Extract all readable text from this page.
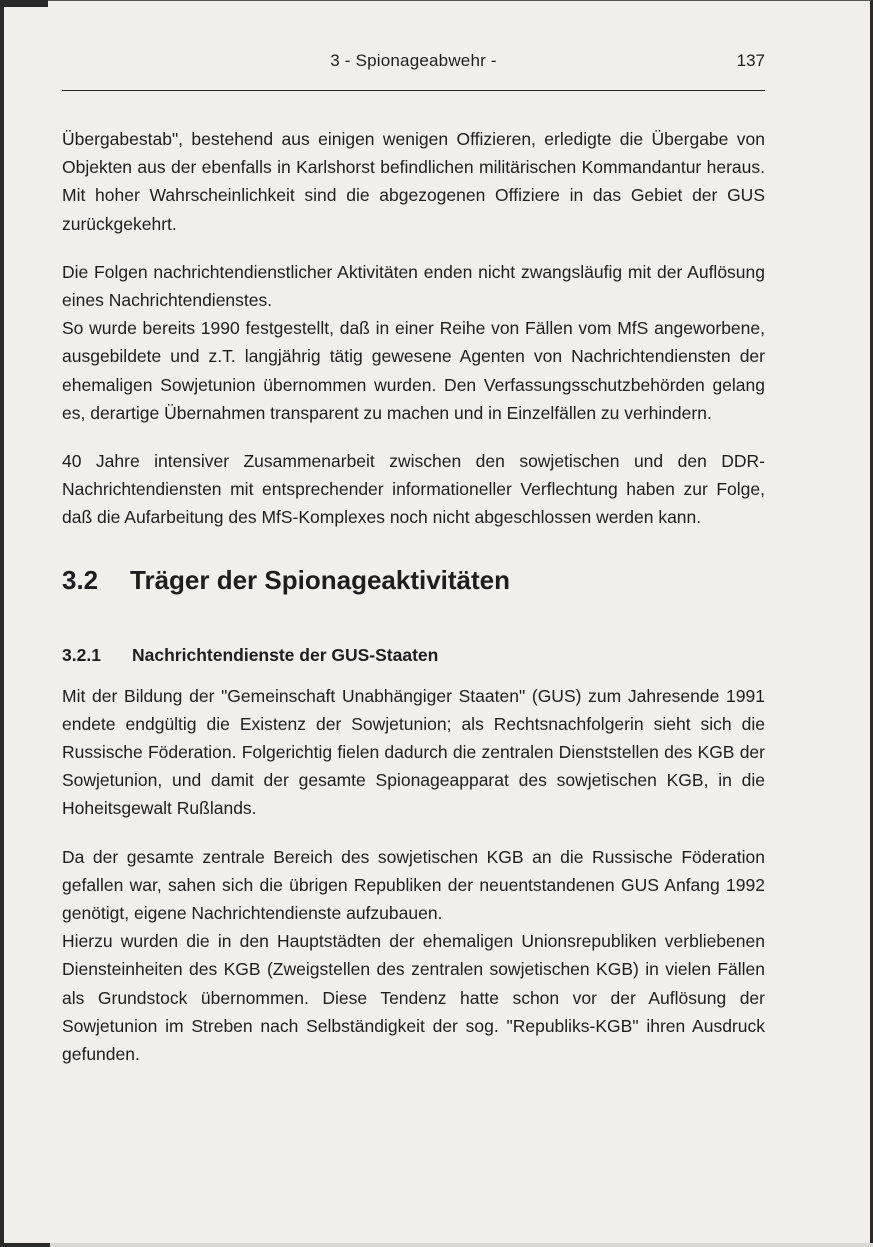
3 - Spionageabwehr -	137

Übergabestab", bestehend aus einigen wenigen Offizieren, erledigte die Übergabe von Objekten aus der ebenfalls in Karlshorst befindlichen militärischen Kommandantur heraus. Mit hoher Wahrscheinlichkeit sind die abgezogenen Offiziere in das Gebiet der GUS zurückgekehrt.

Die Folgen nachrichtendienstlicher Aktivitäten enden nicht zwangsläufig mit der Auflösung eines Nachrichtendienstes.

So wurde bereits 1990 festgestellt, daß in einer Reihe von Fällen vom MfS angeworbene, ausgebildete und z.T. langjährig tätig gewesene Agenten von Nachrichtendiensten der ehemaligen Sowjetunion übernommen wurden. Den Verfassungsschutzbehörden gelang es, derartige Übernahmen transparent zu machen und in Einzelfällen zu verhindern.

40 Jahre intensiver Zusammenarbeit zwischen den sowjetischen und den DDR-Nachrichtendiensten mit entsprechender informationeller Verflechtung haben zur Folge, daß die Aufarbeitung des MfS-Komplexes noch nicht abgeschlossen werden kann.

3.2 Träger der Spionageaktivitäten
3.2.1 Nachrichtendienste der GUS-Staaten

Mit der Bildung der "Gemeinschaft Unabhängiger Staaten" (GUS) zum Jahresende 1991 endete endgültig die Existenz der Sowjetunion; als Rechtsnachfolgerin sieht sich die Russische Föderation. Folgerichtig fielen dadurch die zentralen Dienststellen des KGB der Sowjetunion, und damit der gesamte Spionageapparat des sowjetischen KGB, in die Hoheitsgewalt Rußlands.

Da der gesamte zentrale Bereich des sowjetischen KGB an die Russische Föderation gefallen war, sahen sich die übrigen Republiken der neuentstandenen GUS Anfang 1992 genötigt, eigene Nachrichtendienste aufzubauen.

Hierzu wurden die in den Hauptstädten der ehemaligen Unionsrepubliken verbliebenen Diensteinheiten des KGB (Zweigstellen des zentralen sowjetischen KGB) in vielen Fällen als Grundstock übernommen. Diese Tendenz hatte schon vor der Auflösung der Sowjetunion im Streben nach Selbständigkeit der sog. "Republiks-KGB" ihren Ausdruck gefunden.
